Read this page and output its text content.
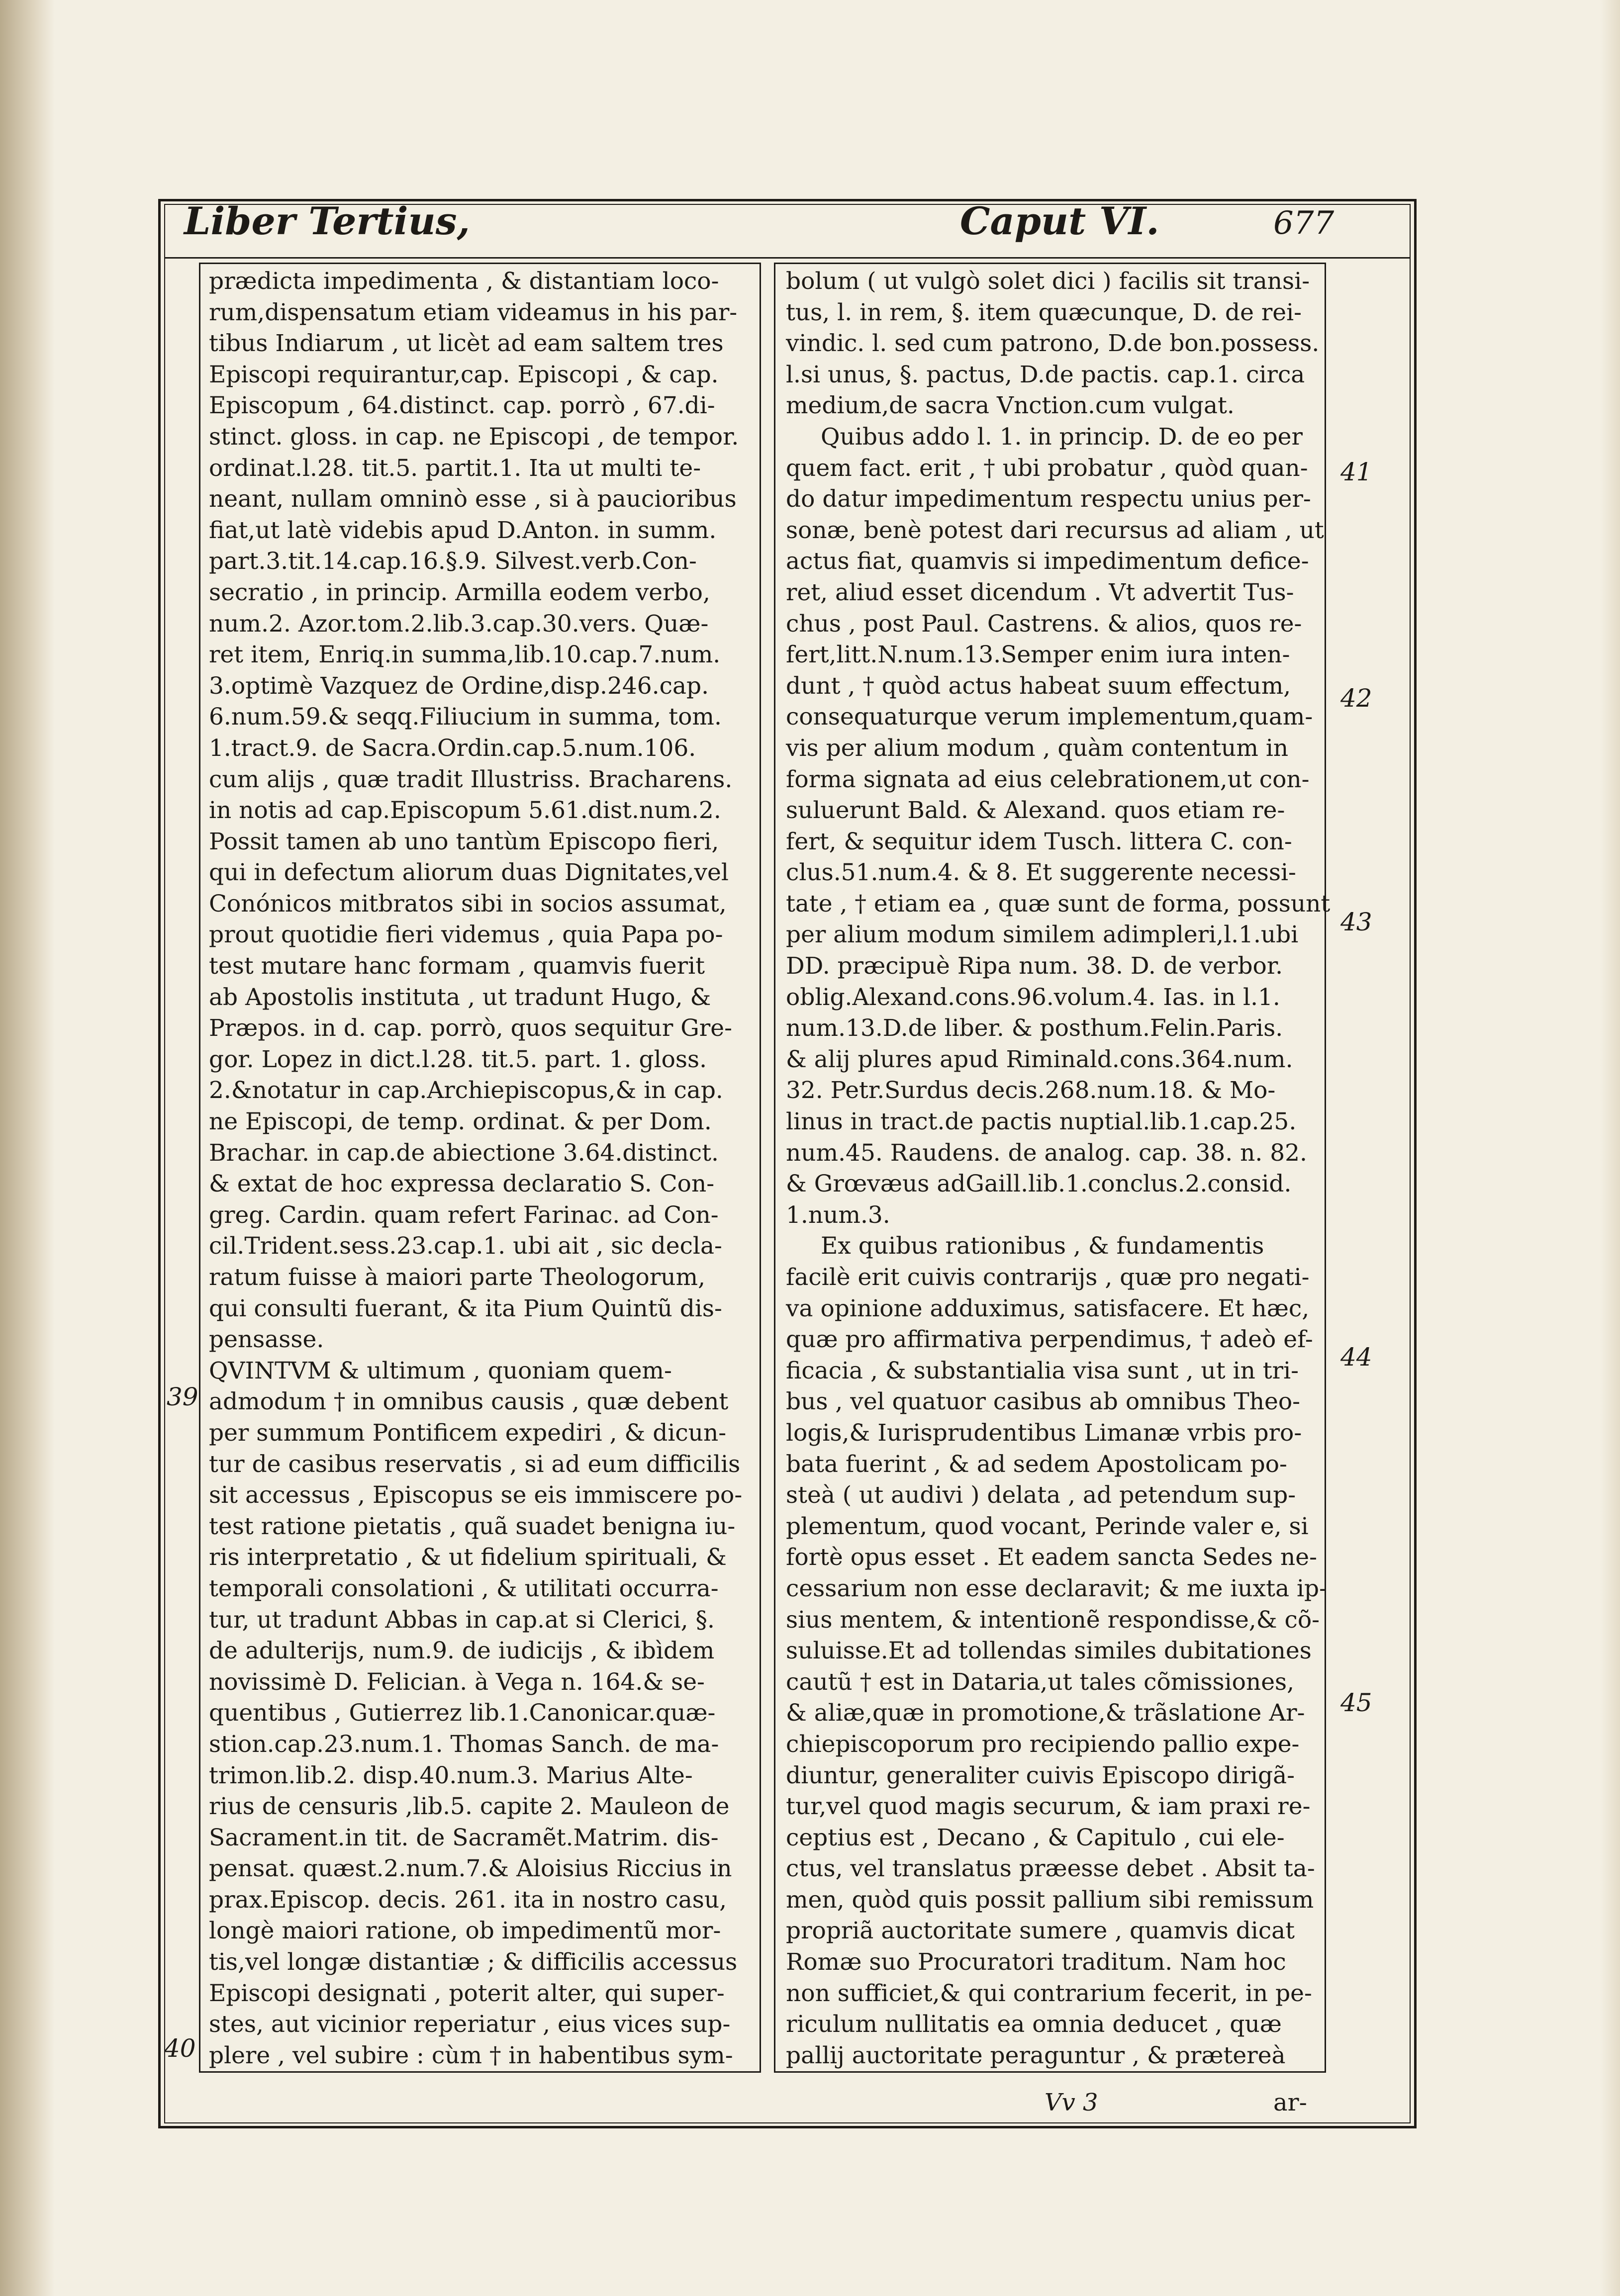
Liber Tertius,	Caput VI.	677
prædicta impedimenta , & distantiam loco-
rum,dispensatum etiam videamus in his par-
tibus Indiarum , ut licèt ad eam saltem tres
Episcopi requirantur,cap. Episcopi , & cap.
Episcopum , 64.distinct. cap. porrò , 67.di-
stinct. gloss. in cap. ne Episcopi , de tempor.
ordinat.l.28. tit.5. partit.1. Ita ut multi te-
neant, nullam omninò esse , si à paucioribus
fiat,ut latè videbis apud D.Anton. in summ.
part.3.tit.14.cap.16.§.9. Silvest.verb.Con-
secratio , in princip. Armilla eodem verbo,
num.2. Azor.tom.2.lib.3.cap.30.vers. Quæ-
ret item, Enriq.in summa,lib.10.cap.7.num.
3.optimè Vazquez de Ordine,disp.246.cap.
6.num.59.& seqq.Filiucium in summa, tom.
1.tract.9. de Sacra.Ordin.cap.5.num.106.
cum alijs , quæ tradit Illustriss. Bracharens.
in notis ad cap.Episcopum 5.61.dist.num.2.
Possit tamen ab uno tantùm Episcopo fieri,
qui in defectum aliorum duas Dignitates,vel
Conónicos mitbratos sibi in socios assumat,
prout quotidie fieri videmus , quia Papa po-
test mutare hanc formam , quamvis fuerit
ab Apostolis instituta , ut tradunt Hugo, &
Præpos. in d. cap. porrò, quos sequitur Gre-
gor. Lopez in dict.l.28. tit.5. part. 1. gloss.
2.&notatur in cap.Archiepiscopus,& in cap.
ne Episcopi, de temp. ordinat. & per Dom.
Brachar. in cap.de abiectione 3.64.distinct.
& extat de hoc expressa declaratio S. Con-
greg. Cardin. quam refert Farinac. ad Con-
cil.Trident.sess.23.cap.1. ubi ait , sic decla-
ratum fuisse à maiori parte Theologorum,
qui consulti fuerant, & ita Pium Quintũ dis-
pensasse.
QVINTVM & ultimum , quoniam quem-
admodum † in omnibus causis , quæ debent
per summum Pontificem expediri , & dicun-
tur de casibus reservatis , si ad eum difficilis
sit accessus , Episcopus se eis immiscere po-
test ratione pietatis , quã suadet benigna iu-
ris interpretatio , & ut fidelium spirituali, &
temporali consolationi , & utilitati occurra-
tur, ut tradunt Abbas in cap.at si Clerici, §.
de adulterijs, num.9. de iudicijs , & ibìdem
novissimè D. Felician. à Vega n. 164.& se-
quentibus , Gutierrez lib.1.Canonicar.quæ-
stion.cap.23.num.1. Thomas Sanch. de ma-
trimon.lib.2. disp.40.num.3. Marius Alte-
rius de censuris ,lib.5. capite 2. Mauleon de
Sacrament.in tit. de Sacramẽt.Matrim. dis-
pensat. quæst.2.num.7.& Aloisius Riccius in
prax.Episcop. decis. 261. ita in nostro casu,
longè maiori ratione, ob impedimentũ mor-
tis,vel longæ distantiæ ; & difficilis accessus
Episcopi designati , poterit alter, qui super-
stes, aut vicinior reperiatur , eius vices sup-
plere , vel subire : cùm † in habentibus sym-
bolum ( ut vulgò solet dici ) facilis sit transi-
tus, l. in rem, §. item quæcunque, D. de rei-
vindic. l. sed cum patrono, D.de bon.possess.
l.si unus, §. pactus, D.de pactis. cap.1. circa
medium,de sacra Vnction.cum vulgat.
Quibus addo l. 1. in princip. D. de eo per
quem fact. erit , † ubi probatur , quòd quan-
do datur impedimentum respectu unius per-
sonæ, benè potest dari recursus ad aliam , ut
actus fiat, quamvis si impedimentum defice-
ret, aliud esset dicendum . Vt advertit Tus-
chus , post Paul. Castrens. & alios, quos re-
fert,litt.N.num.13.Semper enim iura inten-
dunt , † quòd actus habeat suum effectum,
consequaturque verum implementum,quam-
vis per alium modum , quàm contentum in
forma signata ad eius celebrationem,ut con-
suluerunt Bald. & Alexand. quos etiam re-
fert, & sequitur idem Tusch. littera C. con-
clus.51.num.4. & 8. Et suggerente necessi-
tate , † etiam ea , quæ sunt de forma, possunt
per alium modum similem adimpleri,l.1.ubi
DD. præcipuè Ripa num. 38. D. de verbor.
oblig.Alexand.cons.96.volum.4. Ias. in l.1.
num.13.D.de liber. & posthum.Felin.Paris.
& alij plures apud Riminald.cons.364.num.
32. Petr.Surdus decis.268.num.18. & Mo-
linus in tract.de pactis nuptial.lib.1.cap.25.
num.45. Raudens. de analog. cap. 38. n. 82.
& Grœvæus adGaill.lib.1.conclus.2.consid.
1.num.3.
Ex quibus rationibus , & fundamentis
facilè erit cuivis contrarijs , quæ pro negati-
va opinione adduximus, satisfacere. Et hæc,
quæ pro affirmativa perpendimus, † adeò ef-
ficacia , & substantialia visa sunt , ut in tri-
bus , vel quatuor casibus ab omnibus Theo-
logis,& Iurisprudentibus Limanæ vrbis pro-
bata fuerint , & ad sedem Apostolicam po-
steà ( ut audivi ) delata , ad petendum sup-
plementum, quod vocant, Perinde valer e, si
fortè opus esset . Et eadem sancta Sedes ne-
cessarium non esse declaravit; & me iuxta ip-
sius mentem, & intentionẽ respondisse,& cõ-
suluisse.Et ad tollendas similes dubitationes
cautũ † est in Dataria,ut tales cõmissiones,
& aliæ,quæ in promotione,& trãslatione Ar-
chiepiscoporum pro recipiendo pallio expe-
diuntur, generaliter cuivis Episcopo dirigã-
tur,vel quod magis securum, & iam praxi re-
ceptius est , Decano , & Capitulo , cui ele-
ctus, vel translatus præesse debet . Absit ta-
men, quòd quis possit pallium sibi remissum
propriã auctoritate sumere , quamvis dicat
Romæ suo Procuratori traditum. Nam hoc
non sufficiet,& qui contrarium fecerit, in pe-
riculum nullitatis ea omnia deducet , quæ
pallij auctoritate peraguntur , & prætereà
39
40
41
42
43
44
45
Vv 3	ar-
